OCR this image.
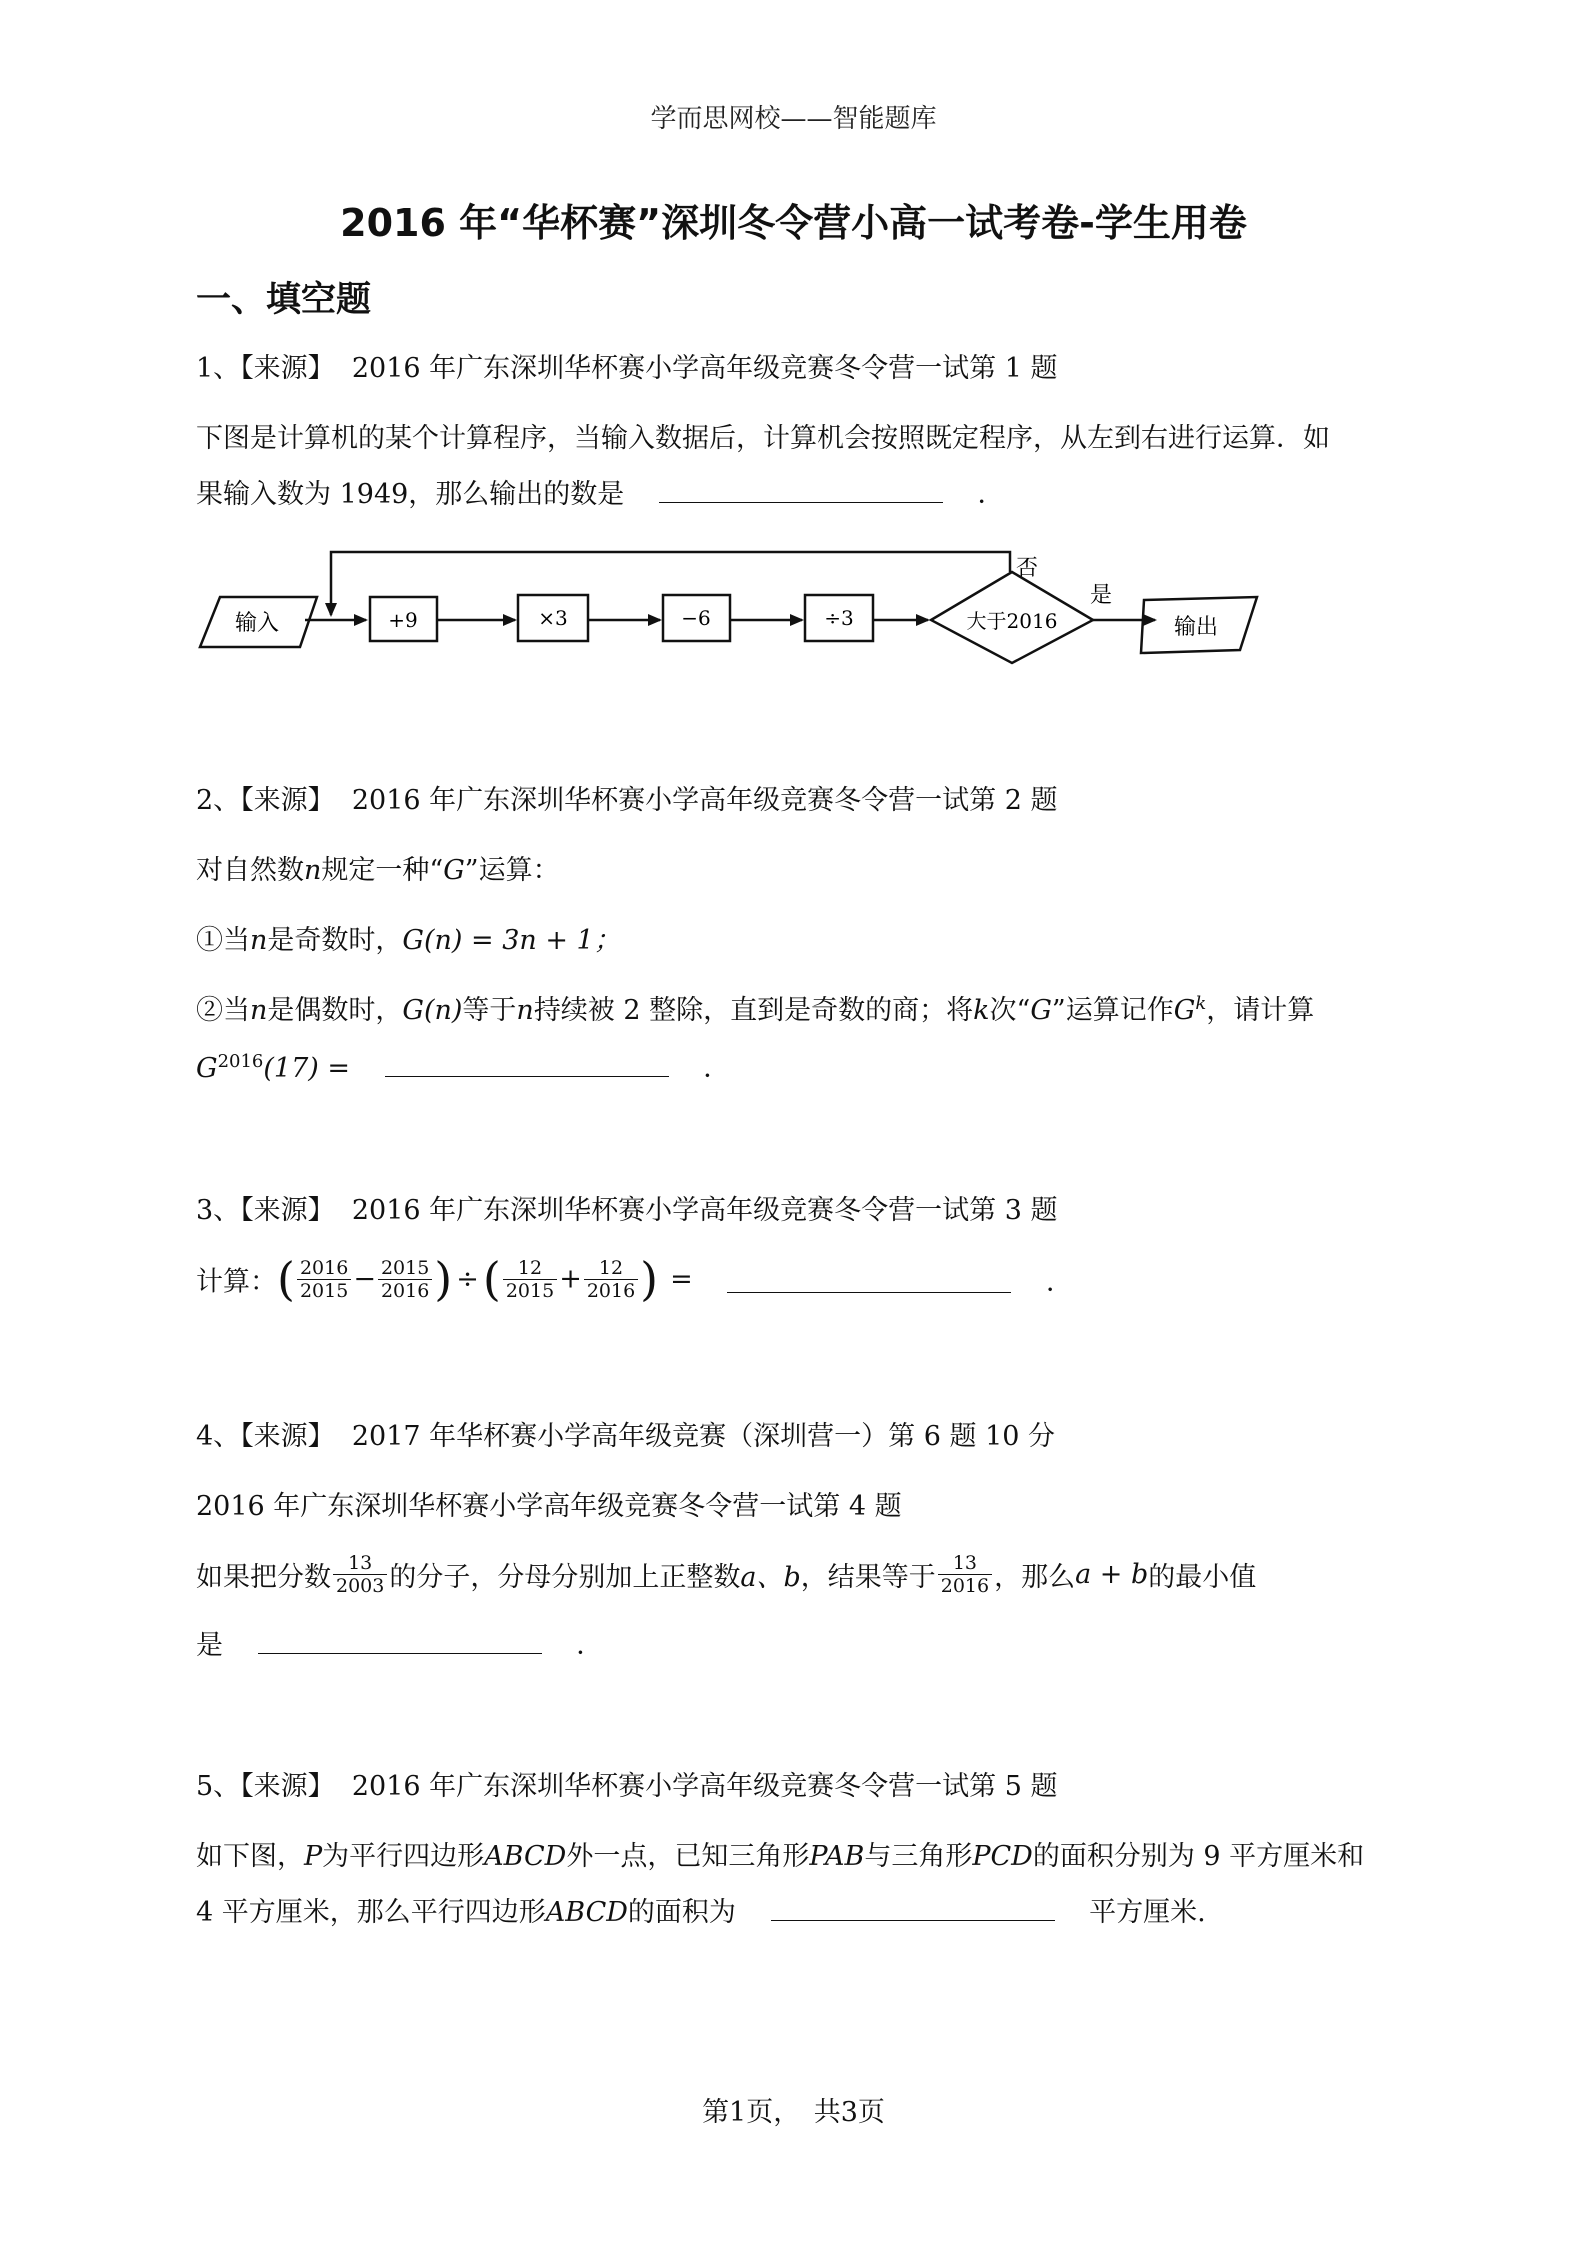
学而思网校——智能题库
2016 年“华杯赛”深圳冬令营小高一试考卷-学生用卷
一、填空题
1、【来源】 2016 年广东深圳华杯赛小学高年级竞赛冬令营一试第 1 题
下图是计算机的某个计算程序，当输入数据后，计算机会按照既定程序，从左到右进行运算．如
果输入数为 1949，那么输出的数是	．
输入
否
+9	×3	−6	÷3	大于2016
是
输出
2、【来源】 2016 年广东深圳华杯赛小学高年级竞赛冬令营一试第 2 题
对自然数n规定一种“G”运算：
①当n是奇数时，G(n) = 3n + 1；
②当n是偶数时，G(n)等于n持续被 2 整除，直到是奇数的商；将k次“G”运算记作$G^k$，请计算
$G^{2016}(17)$ =	．
3、【来源】 2016 年广东深圳华杯赛小学高年级竞赛冬令营一试第 3 题
计算：( $\frac{2016}{2015} - \frac{2015}{2016}$ ) ÷( $\frac{12}{2015} + \frac{12}{2016}$ ) =	．
4、【来源】 2017 年华杯赛小学高年级竞赛（深圳营一）第 6 题 10 分
2016 年广东深圳华杯赛小学高年级竞赛冬令营一试第 4 题
如果把分数 $\frac{13}{2003}$ 的分子，分母分别加上正整数a、b，结果等于 $\frac{13}{2016}$ ，那么a + b的最小值
是	．
5、【来源】 2016 年广东深圳华杯赛小学高年级竞赛冬令营一试第 5 题
如下图，P为平行四边形ABCD外一点，已知三角形PAB与三角形PCD的面积分别为 9 平方厘米和
4 平方厘米，那么平行四边形ABCD的面积为	平方厘米.
第1页，　共3页
